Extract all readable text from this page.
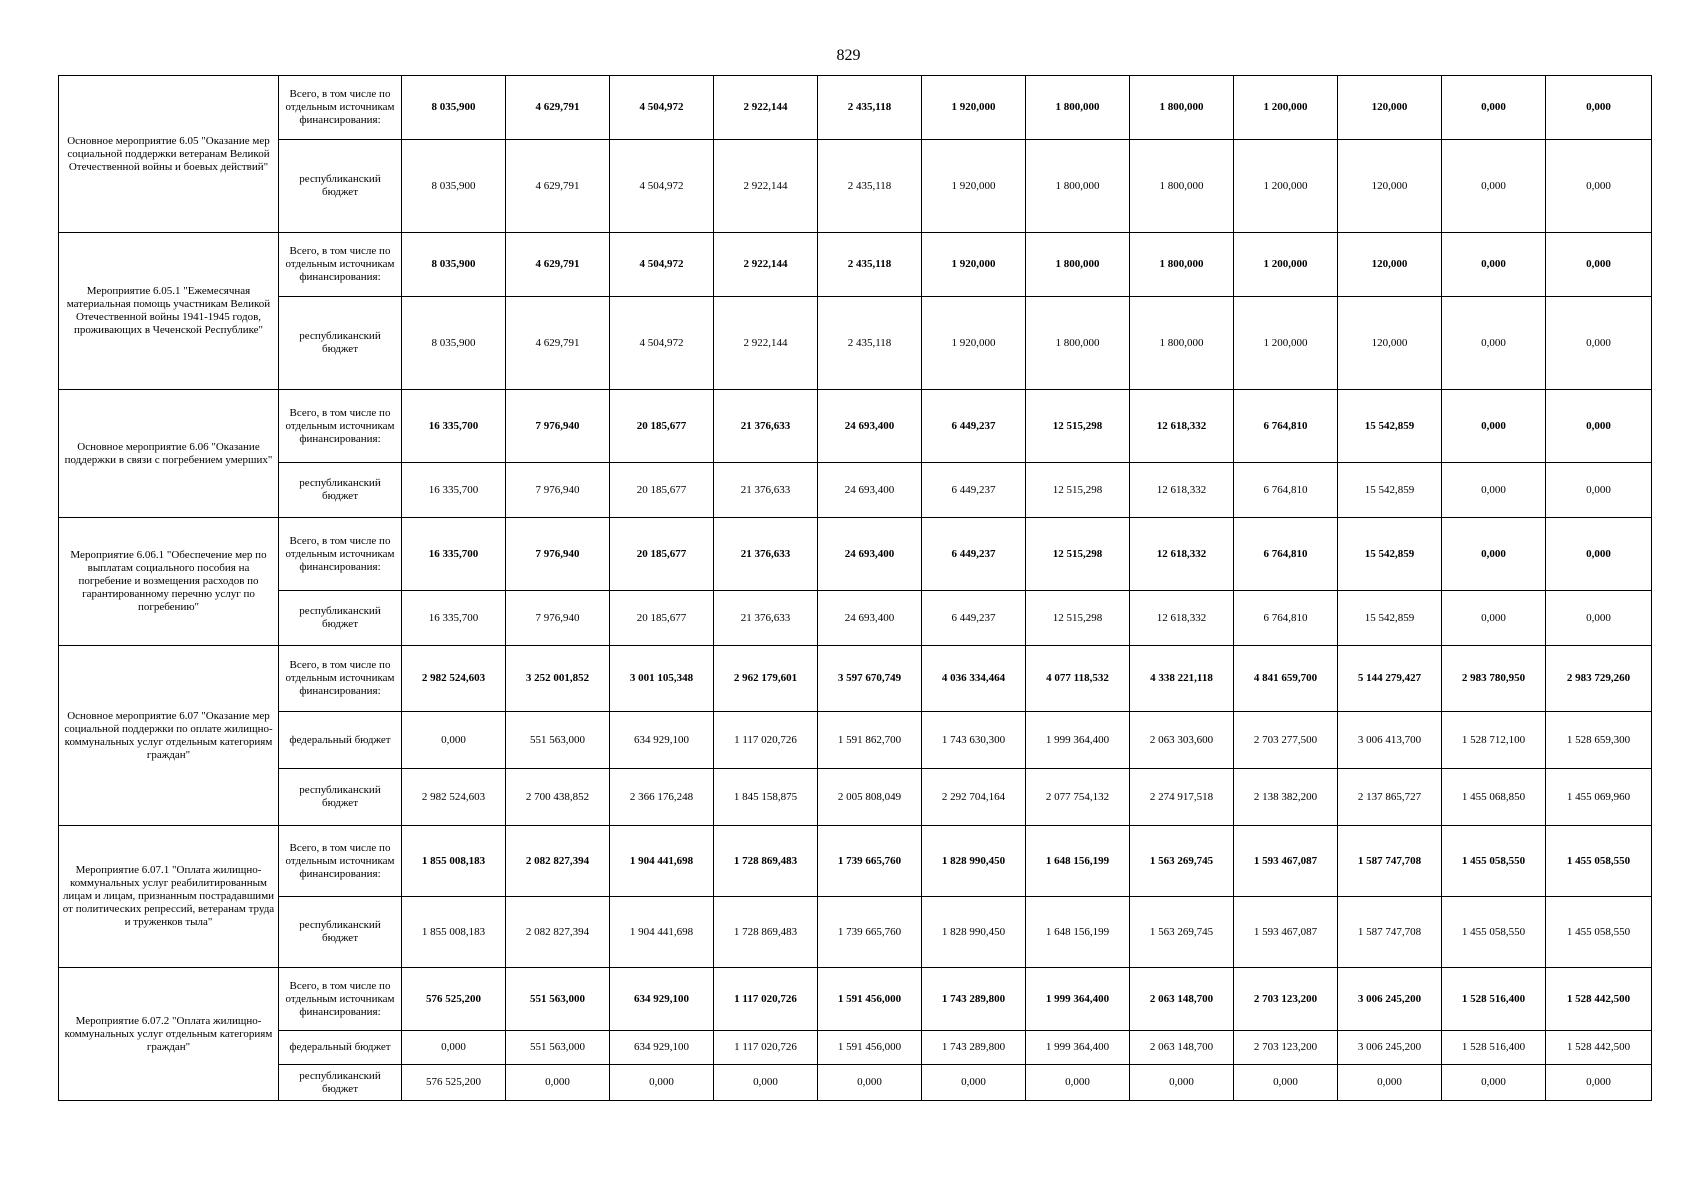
829
Основное мероприятие 6.05 "Оказание мер социальной поддержки ветеранам Великой Отечественной войны и боевых действий"	Всего, в том числе по отдельным источникам финансирования:	8 035,900	4 629,791	4 504,972	2 922,144	2 435,118	1 920,000	1 800,000	1 800,000	1 200,000	120,000	0,000	0,000
	республиканский бюджет	8 035,900	4 629,791	4 504,972	2 922,144	2 435,118	1 920,000	1 800,000	1 800,000	1 200,000	120,000	0,000	0,000
Мероприятие 6.05.1 "Ежемесячная материальная помощь участникам Великой Отечественной войны 1941-1945 годов, проживающих в Чеченской Республике"	Всего, в том числе по отдельным источникам финансирования:	8 035,900	4 629,791	4 504,972	2 922,144	2 435,118	1 920,000	1 800,000	1 800,000	1 200,000	120,000	0,000	0,000
	республиканский бюджет	8 035,900	4 629,791	4 504,972	2 922,144	2 435,118	1 920,000	1 800,000	1 800,000	1 200,000	120,000	0,000	0,000
Основное мероприятие 6.06 "Оказание поддержки в связи с погребением умерших"	Всего, в том числе по отдельным источникам финансирования:	16 335,700	7 976,940	20 185,677	21 376,633	24 693,400	6 449,237	12 515,298	12 618,332	6 764,810	15 542,859	0,000	0,000
	республиканский бюджет	16 335,700	7 976,940	20 185,677	21 376,633	24 693,400	6 449,237	12 515,298	12 618,332	6 764,810	15 542,859	0,000	0,000
Мероприятие 6.06.1 "Обеспечение мер по выплатам социального пособия на погребение и возмещения расходов по гарантированному перечню услуг по погребению"	Всего, в том числе по отдельным источникам финансирования:	16 335,700	7 976,940	20 185,677	21 376,633	24 693,400	6 449,237	12 515,298	12 618,332	6 764,810	15 542,859	0,000	0,000
	республиканский бюджет	16 335,700	7 976,940	20 185,677	21 376,633	24 693,400	6 449,237	12 515,298	12 618,332	6 764,810	15 542,859	0,000	0,000
Основное мероприятие 6.07 "Оказание мер социальной поддержки по оплате жилищно-коммунальных услуг отдельным категориям граждан"	Всего, в том числе по отдельным источникам финансирования:	2 982 524,603	3 252 001,852	3 001 105,348	2 962 179,601	3 597 670,749	4 036 334,464	4 077 118,532	4 338 221,118	4 841 659,700	5 144 279,427	2 983 780,950	2 983 729,260
	федеральный бюджет	0,000	551 563,000	634 929,100	1 117 020,726	1 591 862,700	1 743 630,300	1 999 364,400	2 063 303,600	2 703 277,500	3 006 413,700	1 528 712,100	1 528 659,300
	республиканский бюджет	2 982 524,603	2 700 438,852	2 366 176,248	1 845 158,875	2 005 808,049	2 292 704,164	2 077 754,132	2 274 917,518	2 138 382,200	2 137 865,727	1 455 068,850	1 455 069,960
Мероприятие 6.07.1 "Оплата жилищно-коммунальных услуг реабилитированным лицам и лицам, признанным пострадавшими от политических репрессий, ветеранам труда и труженков тыла"	Всего, в том числе по отдельным источникам финансирования:	1 855 008,183	2 082 827,394	1 904 441,698	1 728 869,483	1 739 665,760	1 828 990,450	1 648 156,199	1 563 269,745	1 593 467,087	1 587 747,708	1 455 058,550	1 455 058,550
	республиканский бюджет	1 855 008,183	2 082 827,394	1 904 441,698	1 728 869,483	1 739 665,760	1 828 990,450	1 648 156,199	1 563 269,745	1 593 467,087	1 587 747,708	1 455 058,550	1 455 058,550
Мероприятие 6.07.2 "Оплата жилищно-коммунальных услуг отдельным категориям граждан"	Всего, в том числе по отдельным источникам финансирования:	576 525,200	551 563,000	634 929,100	1 117 020,726	1 591 456,000	1 743 289,800	1 999 364,400	2 063 148,700	2 703 123,200	3 006 245,200	1 528 516,400	1 528 442,500
	федеральный бюджет	0,000	551 563,000	634 929,100	1 117 020,726	1 591 456,000	1 743 289,800	1 999 364,400	2 063 148,700	2 703 123,200	3 006 245,200	1 528 516,400	1 528 442,500
	республиканский бюджет	576 525,200	0,000	0,000	0,000	0,000	0,000	0,000	0,000	0,000	0,000	0,000	0,000
